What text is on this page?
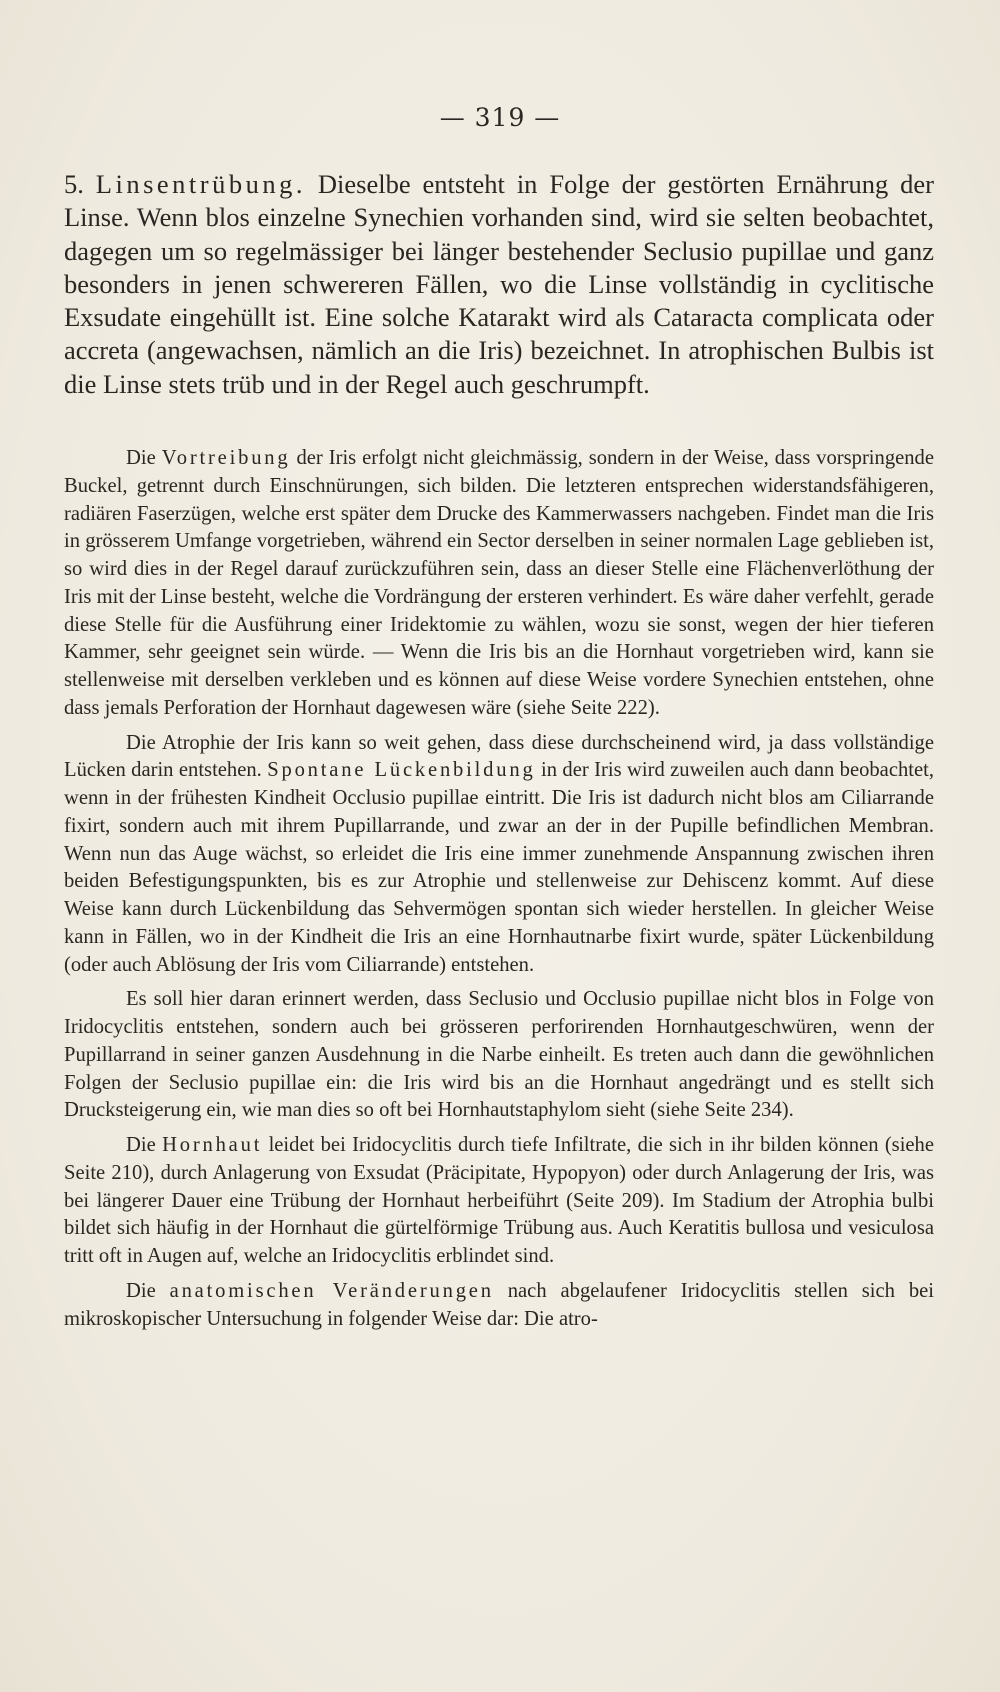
— 319 —

5. Linsentrübung. Dieselbe entsteht in Folge der gestörten Ernährung der Linse. Wenn blos einzelne Synechien vorhanden sind, wird sie selten beobachtet, dagegen um so regelmässiger bei länger bestehender Seclusio pupillae und ganz besonders in jenen schwereren Fällen, wo die Linse vollständig in cyclitische Exsudate eingehüllt ist. Eine solche Katarakt wird als Cataracta complicata oder accreta (angewachsen, nämlich an die Iris) bezeichnet. In atrophischen Bulbis ist die Linse stets trüb und in der Regel auch geschrumpft.

Die Vortreibung der Iris erfolgt nicht gleichmässig, sondern in der Weise, dass vorspringende Buckel, getrennt durch Einschnürungen, sich bilden. Die letzteren entsprechen widerstandsfähigeren, radiären Faserzügen, welche erst später dem Drucke des Kammerwassers nachgeben. Findet man die Iris in grösserem Umfange vorgetrieben, während ein Sector derselben in seiner normalen Lage geblieben ist, so wird dies in der Regel darauf zurückzuführen sein, dass an dieser Stelle eine Flächenverlöthung der Iris mit der Linse besteht, welche die Vordrängung der ersteren verhindert. Es wäre daher verfehlt, gerade diese Stelle für die Ausführung einer Iridektomie zu wählen, wozu sie sonst, wegen der hier tieferen Kammer, sehr geeignet sein würde. — Wenn die Iris bis an die Hornhaut vorgetrieben wird, kann sie stellenweise mit derselben verkleben und es können auf diese Weise vordere Synechien entstehen, ohne dass jemals Perforation der Hornhaut dagewesen wäre (siehe Seite 222).

Die Atrophie der Iris kann so weit gehen, dass diese durchscheinend wird, ja dass vollständige Lücken darin entstehen. Spontane Lückenbildung in der Iris wird zuweilen auch dann beobachtet, wenn in der frühesten Kindheit Occlusio pupillae eintritt. Die Iris ist dadurch nicht blos am Ciliarrande fixirt, sondern auch mit ihrem Pupillarrande, und zwar an der in der Pupille befindlichen Membran. Wenn nun das Auge wächst, so erleidet die Iris eine immer zunehmende Anspannung zwischen ihren beiden Befestigungspunkten, bis es zur Atrophie und stellenweise zur Dehiscenz kommt. Auf diese Weise kann durch Lückenbildung das Sehvermögen spontan sich wieder herstellen. In gleicher Weise kann in Fällen, wo in der Kindheit die Iris an eine Hornhautnarbe fixirt wurde, später Lückenbildung (oder auch Ablösung der Iris vom Ciliarrande) entstehen.

Es soll hier daran erinnert werden, dass Seclusio und Occlusio pupillae nicht blos in Folge von Iridocyclitis entstehen, sondern auch bei grösseren perforirenden Hornhautgeschwüren, wenn der Pupillarrand in seiner ganzen Ausdehnung in die Narbe einheilt. Es treten auch dann die gewöhnlichen Folgen der Seclusio pupillae ein: die Iris wird bis an die Hornhaut angedrängt und es stellt sich Drucksteigerung ein, wie man dies so oft bei Hornhautstaphylom sieht (siehe Seite 234).

Die Hornhaut leidet bei Iridocyclitis durch tiefe Infiltrate, die sich in ihr bilden können (siehe Seite 210), durch Anlagerung von Exsudat (Präcipitate, Hypopyon) oder durch Anlagerung der Iris, was bei längerer Dauer eine Trübung der Hornhaut herbeiführt (Seite 209). Im Stadium der Atrophia bulbi bildet sich häufig in der Hornhaut die gürtelförmige Trübung aus. Auch Keratitis bullosa und vesiculosa tritt oft in Augen auf, welche an Iridocyclitis erblindet sind.

Die anatomischen Veränderungen nach abgelaufener Iridocyclitis stellen sich bei mikroskopischer Untersuchung in folgender Weise dar: Die atro-
